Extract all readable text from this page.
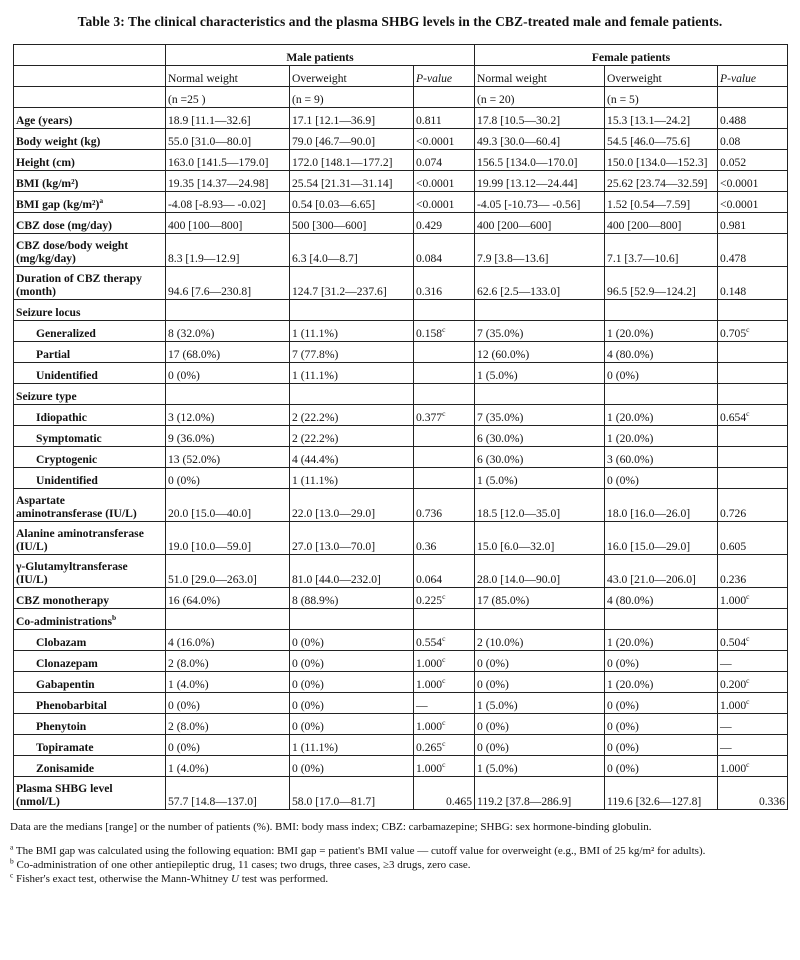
Table 3: The clinical characteristics and the plasma SHBG levels in the CBZ-treated male and female patients.
	Male patients			Female patients		
	Normal weight	Overweight	P-value	Normal weight	Overweight	P-value
	(n =25 )	(n = 9)		(n = 20)	(n = 5)	
Age (years)	18.9 [11.1—32.6]	17.1 [12.1—36.9]	0.811	17.8 [10.5—30.2]	15.3 [13.1—24.2]	0.488
Body weight (kg)	55.0 [31.0—80.0]	79.0 [46.7—90.0]	<0.0001	49.3 [30.0—60.4]	54.5 [46.0—75.6]	0.08
Height (cm)	163.0 [141.5—179.0]	172.0 [148.1—177.2]	0.074	156.5 [134.0—170.0]	150.0 [134.0—152.3]	0.052
BMI (kg/m²)	19.35 [14.37—24.98]	25.54 [21.31—31.14]	<0.0001	19.99 [13.12—24.44]	25.62 [23.74—32.59]	<0.0001
BMI gap $(kg/m^2)^a$	-4.08 [-8.93— -0.02]	0.54 [0.03—6.65]	<0.0001	-4.05 [-10.73— -0.56]	1.52 [0.54—7.59]	<0.0001
CBZ dose (mg/day)	400 [100—800]	500 [300—600]	0.429	400 [200—600]	400 [200—800]	0.981
CBZ dose/body weight
(mg/kg/day)	8.3 [1.9—12.9]	6.3 [4.0—8.7]	0.084	7.9 [3.8—13.6]	7.1 [3.7—10.6]	0.478
Duration of CBZ therapy
(month)	94.6 [7.6—230.8]	124.7 [31.2—237.6]	0.316	62.6 [2.5—133.0]	96.5 [52.9—124.2]	0.148
Seizure locus						
Generalized	8 (32.0%)	1 (11.1%)	0.158$^c$	7 (35.0%)	1 (20.0%)	0.705$^c$
Partial	17 (68.0%)	7 (77.8%)		12 (60.0%)	4 (80.0%)	
Unidentified	0 (0%)	1 (11.1%)		1 (5.0%)	0 (0%)	
Seizure type						
Idiopathic	3 (12.0%)	2 (22.2%)	0.377$^c$	7 (35.0%)	1 (20.0%)	0.654$^c$
Symptomatic	9 (36.0%)	2 (22.2%)		6 (30.0%)	1 (20.0%)	
Cryptogenic	13 (52.0%)	4 (44.4%)		6 (30.0%)	3 (60.0%)	
Unidentified	0 (0%)	1 (11.1%)		1 (5.0%)	0 (0%)	
Aspartate
aminotransferase (IU/L)	20.0 [15.0—40.0]	22.0 [13.0—29.0]	0.736	18.5 [12.0—35.0]	18.0 [16.0—26.0]	0.726
Alanine aminotransferase
(IU/L)	19.0 [10.0—59.0]	27.0 [13.0—70.0]	0.36	15.0 [6.0—32.0]	16.0 [15.0—29.0]	0.605
γ-Glutamyltransferase
(IU/L)	51.0 [29.0—263.0]	81.0 [44.0—232.0]	0.064	28.0 [14.0—90.0]	43.0 [21.0—206.0]	0.236
CBZ monotherapy	16 (64.0%)	8 (88.9%)	0.225$^c$	17 (85.0%)	4 (80.0%)	1.000$^c$
Co-administrations$^b$						
Clobazam	4 (16.0%)	0 (0%)	0.554$^c$	2 (10.0%)	1 (20.0%)	0.504$^c$
Clonazepam	2 (8.0%)	0 (0%)	1.000$^c$	0 (0%)	0 (0%)	—
Gabapentin	1 (4.0%)	0 (0%)	1.000$^c$	0 (0%)	1 (20.0%)	0.200$^c$
Phenobarbital	0 (0%)	0 (0%)	—	1 (5.0%)	0 (0%)	1.000$^c$
Phenytoin	2 (8.0%)	0 (0%)	1.000$^c$	0 (0%)	0 (0%)	—
Topiramate	0 (0%)	1 (11.1%)	0.265$^c$	0 (0%)	0 (0%)	—
Zonisamide	1 (4.0%)	0 (0%)	1.000$^c$	1 (5.0%)	0 (0%)	1.000$^c$
Plasma SHBG level
(nmol/L)	57.7 [14.8—137.0]	58.0 [17.0—81.7]	0.465	119.2 [37.8—286.9]	119.6 [32.6—127.8]	0.336

Data are the medians [range] or the number of patients (%). BMI: body mass index; CBZ: carbamazepine; SHBG: sex hormone-binding globulin.

$^a$ The BMI gap was calculated using the following equation: BMI gap = patient's BMI value — cutoff value for overweight (e.g., BMI of 25 kg/m² for adults).

$^b$ Co-administration of one other antiepileptic drug, 11 cases; two drugs, three cases, ≥3 drugs, zero case.

$^c$ Fisher's exact test, otherwise the Mann-Whitney U test was performed.
